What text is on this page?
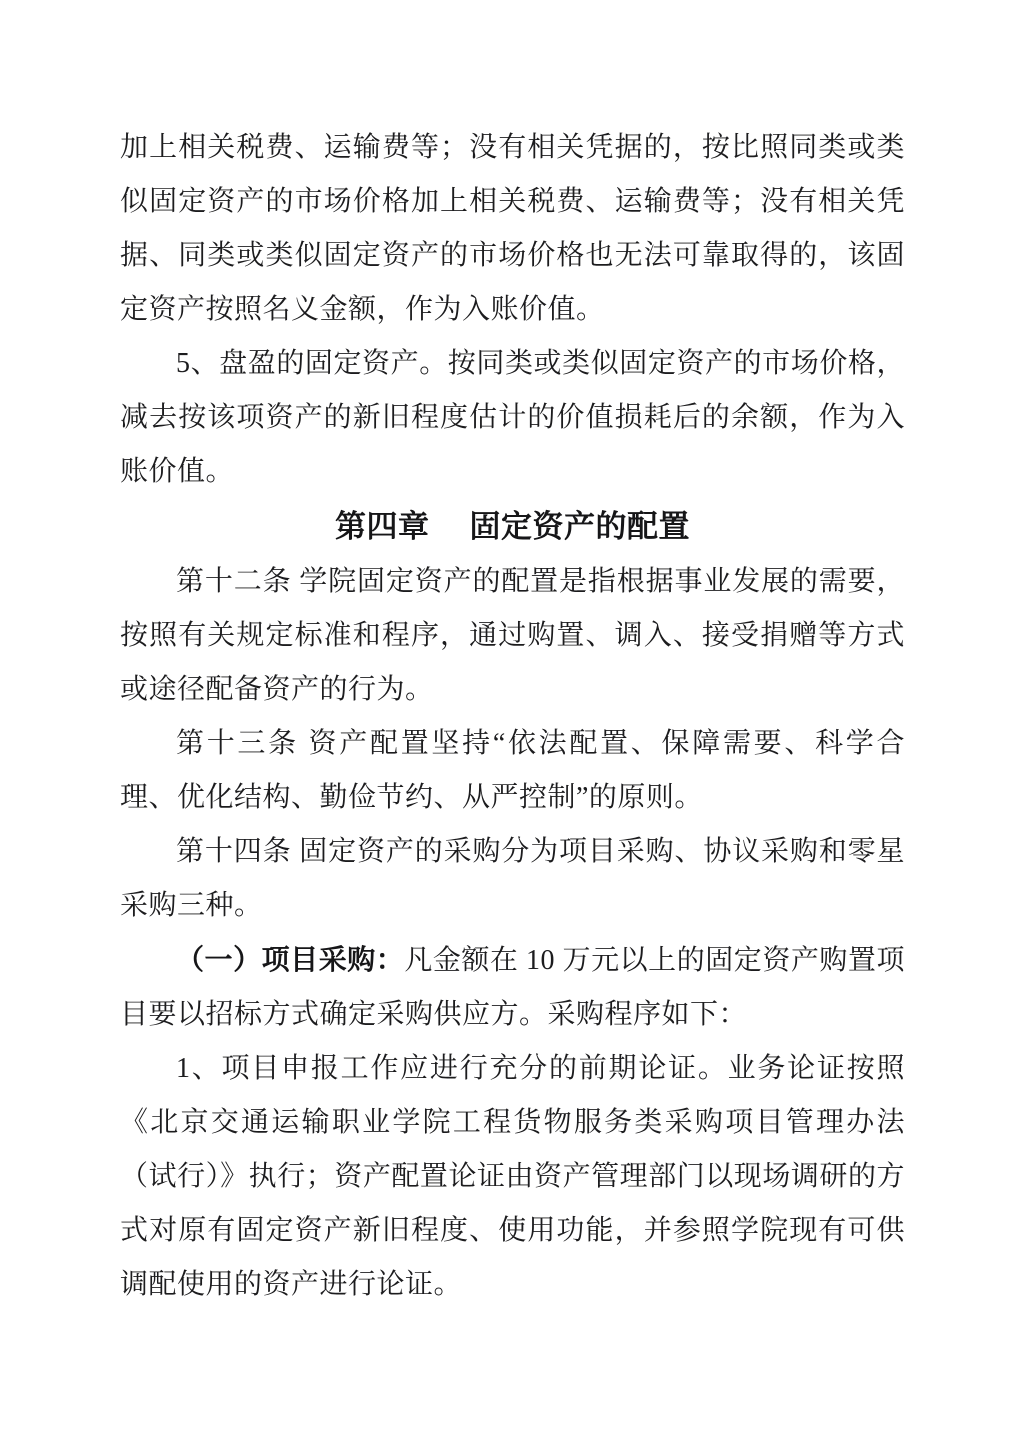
加上相关税费、运输费等；没有相关凭据的，按比照同类或类似固定资产的市场价格加上相关税费、运输费等；没有相关凭据、同类或类似固定资产的市场价格也无法可靠取得的，该固定资产按照名义金额，作为入账价值。

5、盘盈的固定资产。按同类或类似固定资产的市场价格，减去按该项资产的新旧程度估计的价值损耗后的余额，作为入账价值。

第四章 固定资产的配置

第十二条 学院固定资产的配置是指根据事业发展的需要，按照有关规定标准和程序，通过购置、调入、接受捐赠等方式或途径配备资产的行为。

第十三条 资产配置坚持“依法配置、保障需要、科学合理、优化结构、勤俭节约、从严控制”的原则。

第十四条 固定资产的采购分为项目采购、协议采购和零星采购三种。

（一）项目采购：凡金额在 10 万元以上的固定资产购置项目要以招标方式确定采购供应方。采购程序如下：

1、项目申报工作应进行充分的前期论证。业务论证按照《北京交通运输职业学院工程货物服务类采购项目管理办法（试行）》执行；资产配置论证由资产管理部门以现场调研的方式对原有固定资产新旧程度、使用功能，并参照学院现有可供调配使用的资产进行论证。
